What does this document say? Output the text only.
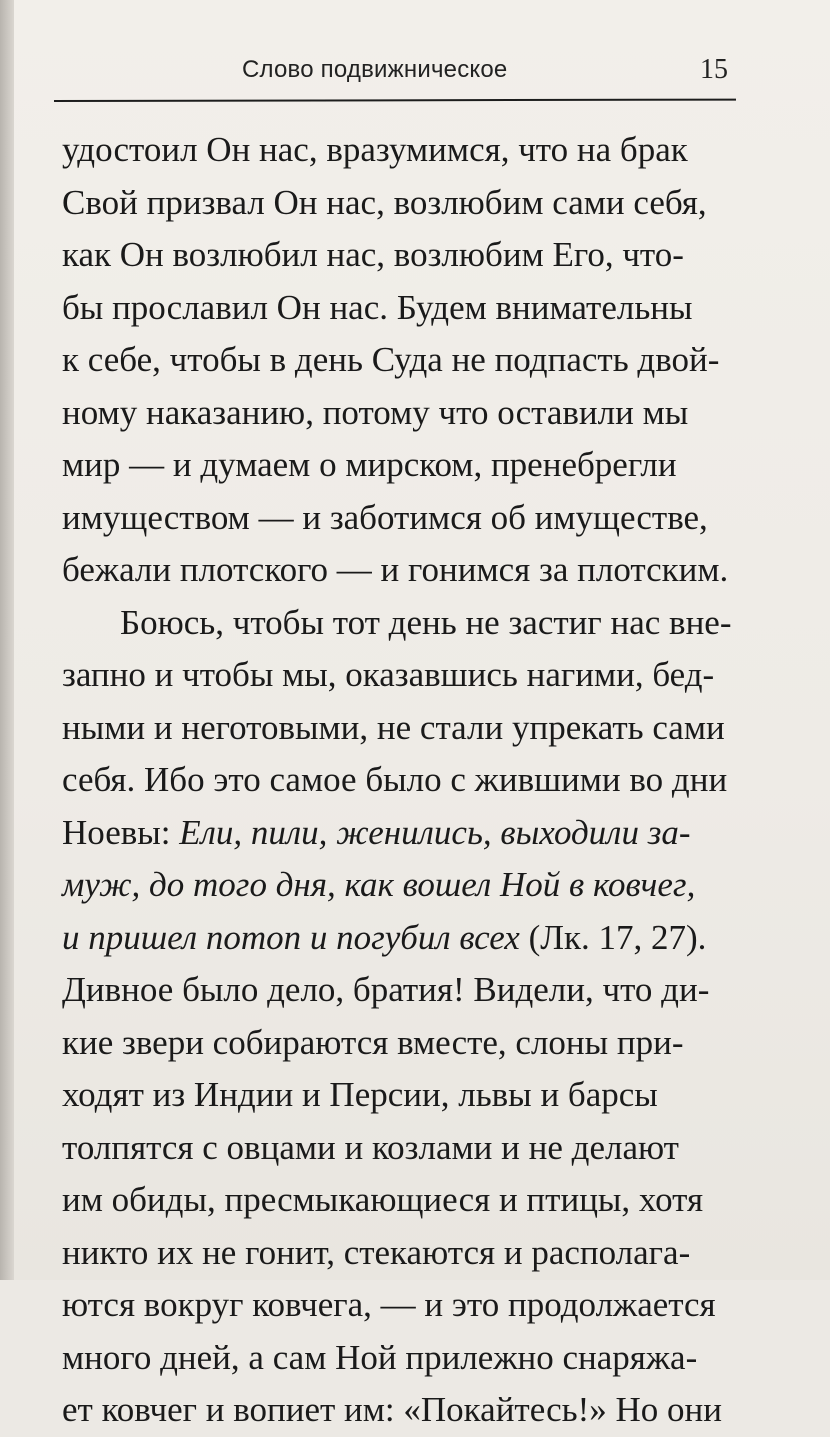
Слово подвижническое	15
удостоил Он нас, вразумимся, что на брак
Свой призвал Он нас, возлюбим сами себя,
как Он возлюбил нас, возлюбим Его, что-
бы прославил Он нас. Будем внимательны
к себе, чтобы в день Суда не подпасть двой-
ному наказанию, потому что оставили мы
мир — и думаем о мирском, пренебрегли
имуществом — и заботимся об имуществе,
бежали плотского — и гонимся за плотским.
Боюсь, чтобы тот день не застиг нас вне-
запно и чтобы мы, оказавшись нагими, бед-
ными и неготовыми, не стали упрекать сами
себя. Ибо это самое было с жившими во дни
Ноевы: Ели, пили, женились, выходили за-
муж, до того дня, как вошел Ной в ковчег,
и пришел потоп и погубил всех (Лк. 17, 27).
Дивное было дело, братия! Видели, что ди-
кие звери собираются вместе, слоны при-
ходят из Индии и Персии, львы и барсы
толпятся с овцами и козлами и не делают
им обиды, пресмыкающиеся и птицы, хотя
никто их не гонит, стекаются и располага-
ются вокруг ковчега, — и это продолжается
много дней, а сам Ной прилежно снаряжа-
ет ковчег и вопиет им: «Покайтесь!» Но они
